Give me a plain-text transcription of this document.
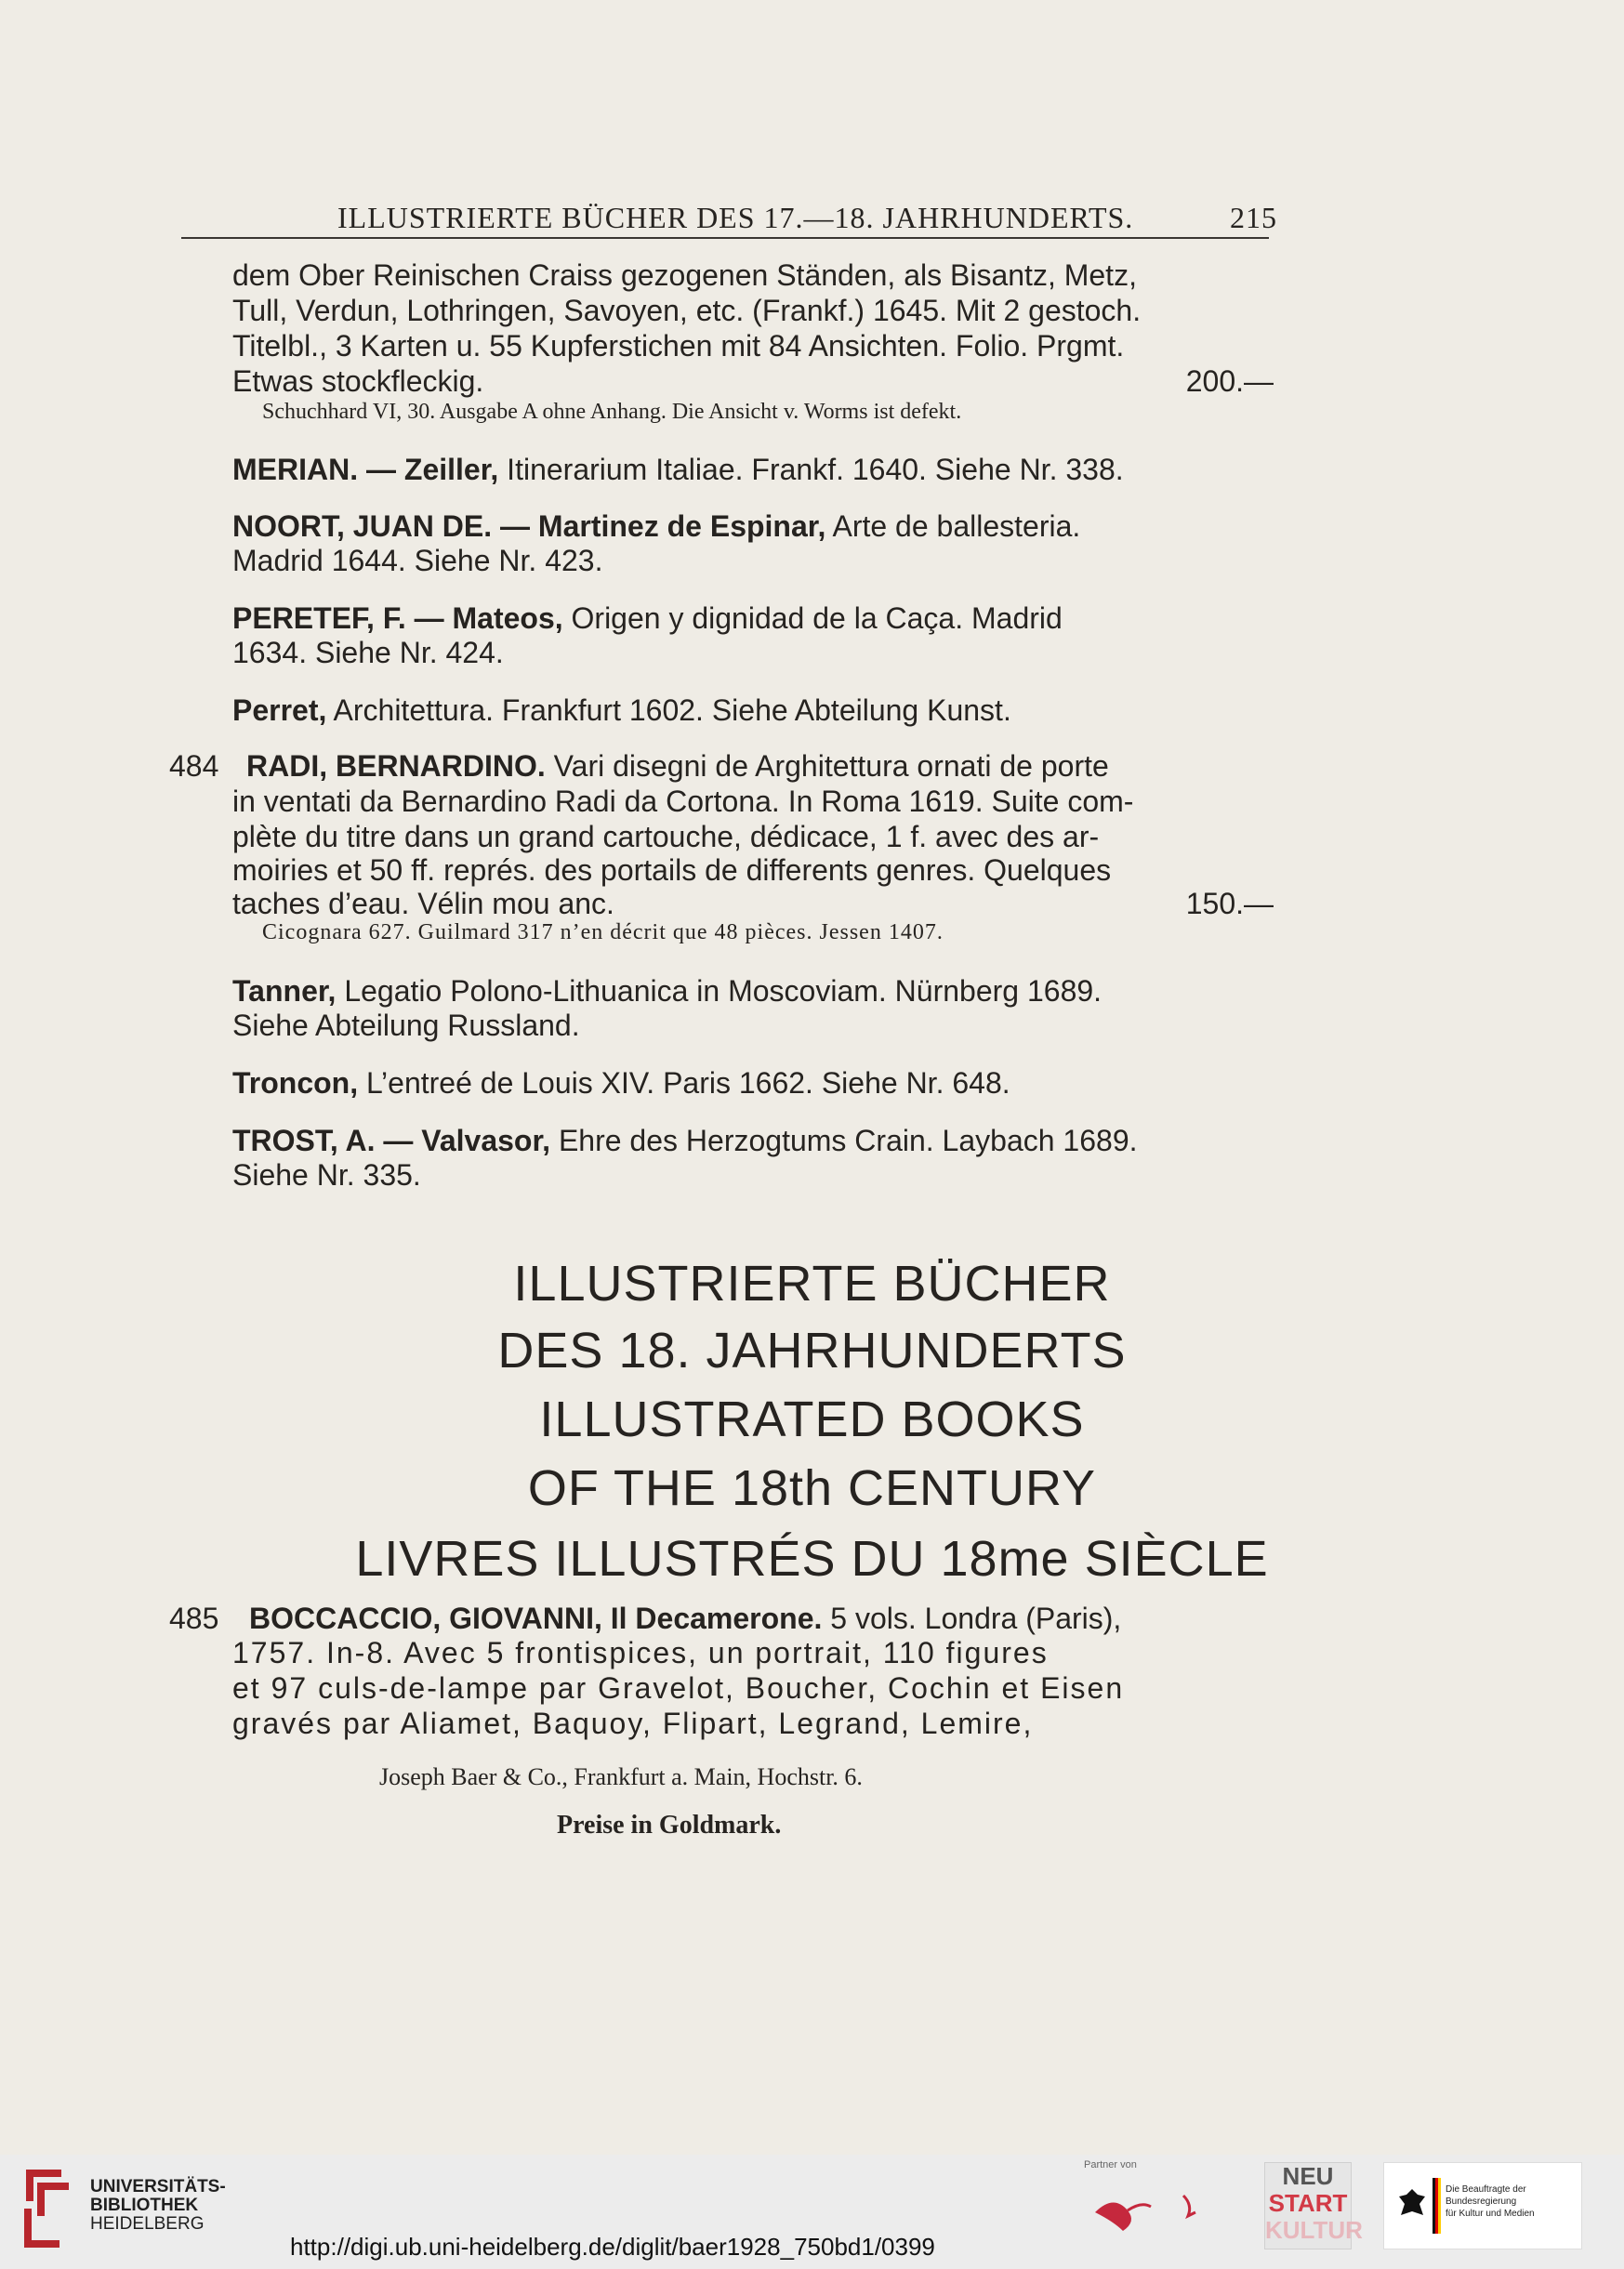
ILLUSTRIERTE BÜCHER DES 17.—18. JAHRHUNDERTS.	215
dem Ober Reinischen Craiss gezogenen Ständen, als Bisantz, Metz,
Tull, Verdun, Lothringen, Savoyen, etc. (Frankf.) 1645. Mit 2 gestoch.
Titelbl., 3 Karten u. 55 Kupferstichen mit 84 Ansichten. Folio. Prgmt.
Etwas stockfleckig.	200.—
Schuchhard VI, 30. Ausgabe A ohne Anhang. Die Ansicht v. Worms ist defekt.
MERIAN. — Zeiller, Itinerarium Italiae. Frankf. 1640. Siehe Nr. 338.
NOORT, JUAN DE. — Martinez de Espinar, Arte de ballesteria.
Madrid 1644. Siehe Nr. 423.
PERETEF, F. — Mateos, Origen y dignidad de la Caça. Madrid
1634. Siehe Nr. 424.
Perret, Architettura. Frankfurt 1602. Siehe Abteilung Kunst.
484 RADI, BERNARDINO. Vari disegni de Arghitettura ornati de porte
in ventati da Bernardino Radi da Cortona. In Roma 1619. Suite com-
plète du titre dans un grand cartouche, dédicace, 1 f. avec des ar-
moiries et 50 ff. représ. des portails de differents genres. Quelques
taches d’eau. Vélin mou anc.	150.—
Cicognara 627. Guilmard 317 n’en décrit que 48 pièces. Jessen 1407.
Tanner, Legatio Polono-Lithuanica in Moscoviam. Nürnberg 1689.
Siehe Abteilung Russland.
Troncon, L’entreé de Louis XIV. Paris 1662. Siehe Nr. 648.
TROST, A. — Valvasor, Ehre des Herzogtums Crain. Laybach 1689.
Siehe Nr. 335.
ILLUSTRIERTE BÜCHER
DES 18. JAHRHUNDERTS
ILLUSTRATED BOOKS
OF THE 18th CENTURY
LIVRES ILLUSTRÉS DU 18me SIÈCLE
485 BOCCACCIO, GIOVANNI, Il Decamerone. 5 vols. Londra (Paris),
1757. In-8. Avec 5 frontispices, un portrait, 110 figures
et 97 culs-de-lampe par Gravelot, Boucher, Cochin et Eisen
gravés par Aliamet, Baquoy, Flipart, Legrand, Lemire,
Joseph Baer & Co., Frankfurt a. Main, Hochstr. 6.
Preise in Goldmark.
UNIVERSITÄTS-
BIBLIOTHEK
HEIDELBERG
http://digi.ub.uni-heidelberg.de/diglit/baer1928_750bd1/0399
Partner von	NEU
START
KULTUR
Die Beauftragte der Bundesregierung
für Kultur und Medien
